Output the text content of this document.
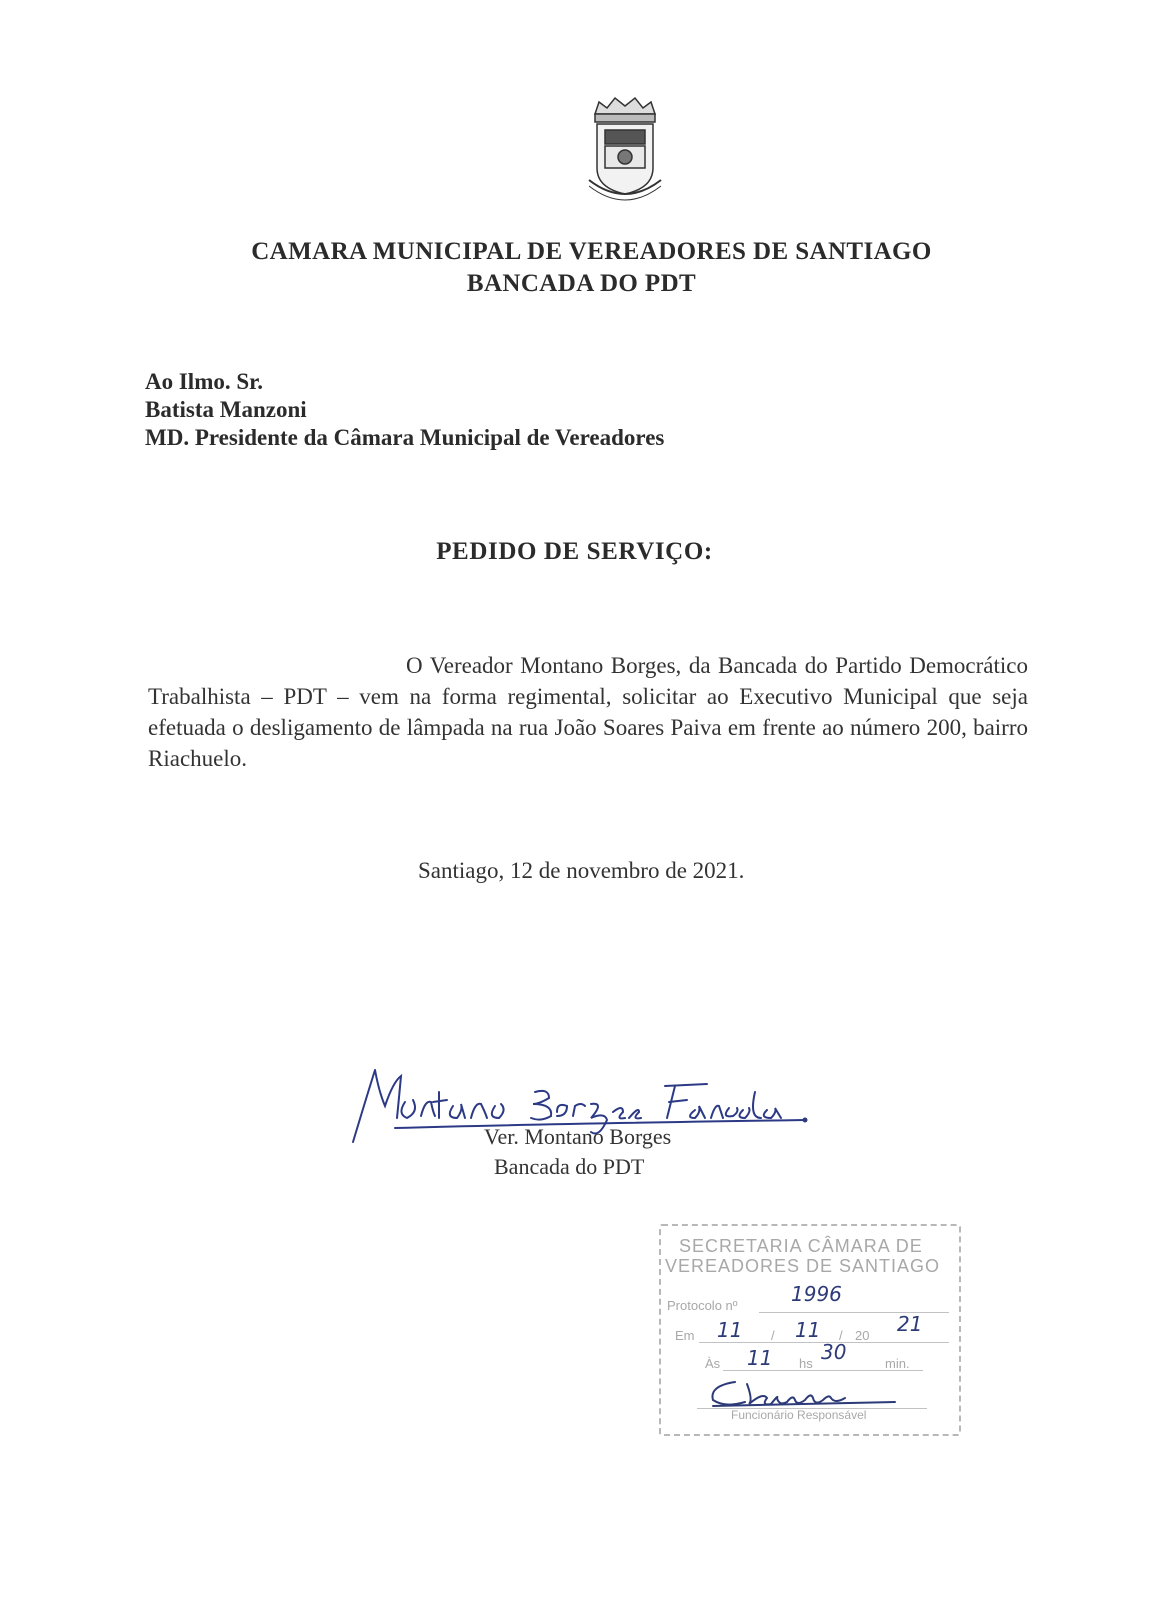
CAMARA MUNICIPAL DE VEREADORES DE SANTIAGO
BANCADA DO PDT
Ao Ilmo. Sr.
Batista Manzoni
MD. Presidente da Câmara Municipal de Vereadores
PEDIDO DE SERVIÇO:
O Vereador Montano Borges, da Bancada do Partido Democrático Trabalhista – PDT – vem na forma regimental, solicitar ao Executivo Municipal que seja efetuada o desligamento de lâmpada na rua João Soares Paiva em frente ao número 200, bairro Riachuelo.
Santiago, 12 de novembro de 2021.
Ver. Montano Borges
Bancada do PDT
SECRETARIA CÂMARA DE
VEREADORES DE SANTIAGO
Protocolo nº	1996
Em 11 / 11 / 20 21
Às 11 hs 30	min.
Funcionário Responsável
